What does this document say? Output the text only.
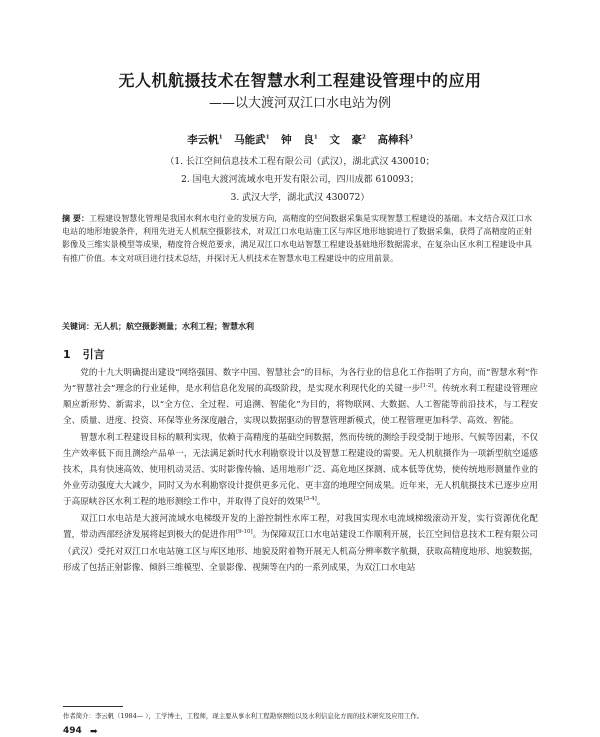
无人机航摄技术在智慧水利工程建设管理中的应用
——以大渡河双江口水电站为例
李云帆$^1$ 马能武$^1$ 钟 良$^1$ 文 豪$^2$ 高棒科$^3$
（1. 长江空间信息技术工程有限公司（武汉），湖北武汉 430010；
2. 国电大渡河流域水电开发有限公司，四川成都 610093；
3. 武汉大学，湖北武汉 430072）
摘 要：工程建设智慧化管理是我国水利水电行业的发展方向，高精度的空间数据采集是实现智慧工程建设的基础。本文结合双江口水电站的地形地貌条件，利用先进无人机航空摄影技术，对双江口水电站施工区与库区地形地貌进行了数据采集，获得了高精度的正射影像及三维实景模型等成果，精度符合规范要求，满足双江口水电站智慧工程建设基础地形数据需求，在复杂山区水利工程建设中具有推广价值。本文对项目进行技术总结，并探讨无人机技术在智慧水电工程建设中的应用前景。
关键词：无人机；航空摄影测量；水利工程；智慧水利
1 引言

党的十九大明确提出建设“网络强国、数字中国、智慧社会”的目标，为各行业的信息化工作指明了方向，而“智慧水利”作为“智慧社会”理念的行业延伸，是水利信息化发展的高级阶段，是实现水利现代化的关键一步[1-2]。传统水利工程建设管理应顺应新形势、新需求，以“全方位、全过程、可追溯、智能化”为目的，将物联网、大数据、人工智能等前沿技术，与工程安全、质量、进度、投资、环保等业务深度融合，实现以数据驱动的智慧管理新模式，使工程管理更加科学、高效、智能。

智慧水利工程建设目标的顺利实现，依赖于高精度的基础空间数据，然而传统的测绘手段受制于地形、气候等因素，不仅生产效率低下而且测绘产品单一，无法满足新时代水利勘察设计以及智慧工程建设的需要。无人机航摄作为一项新型航空遥感技术，具有快速高效、使用机动灵活、实时影像传输、适用地形广泛、高危地区探测、成本低等优势，使传统地形测量作业的外业劳动强度大大减少，同时又为水利勘察设计提供更多元化、更丰富的地理空间成果。近年来，无人机航摄技术已逐步应用于高原峡谷区水利工程的地形测绘工作中，并取得了良好的效果[3-4]。

双江口水电站是大渡河流域水电梯级开发的上游控制性水库工程，对我国实现水电流域梯级滚动开发，实行资源优化配置，带动西部经济发展将起到极大的促进作用[9-10]。为保障双江口水电站建设工作顺利开展，长江空间信息技术工程有限公司（武汉）受托对双江口水电站施工区与库区地形、地貌及附着物开展无人机高分辨率数字航摄，获取高精度地形、地貌数据，形成了包括正射影像、倾斜三维模型、全景影像、视频等在内的一系列成果，为双江口水电站

作者简介：李云帆（1984— ），工学博士，工程师，现主要从事水利工程勘察测绘以及水利信息化方面的技术研究及应用工作。
494 ➡
